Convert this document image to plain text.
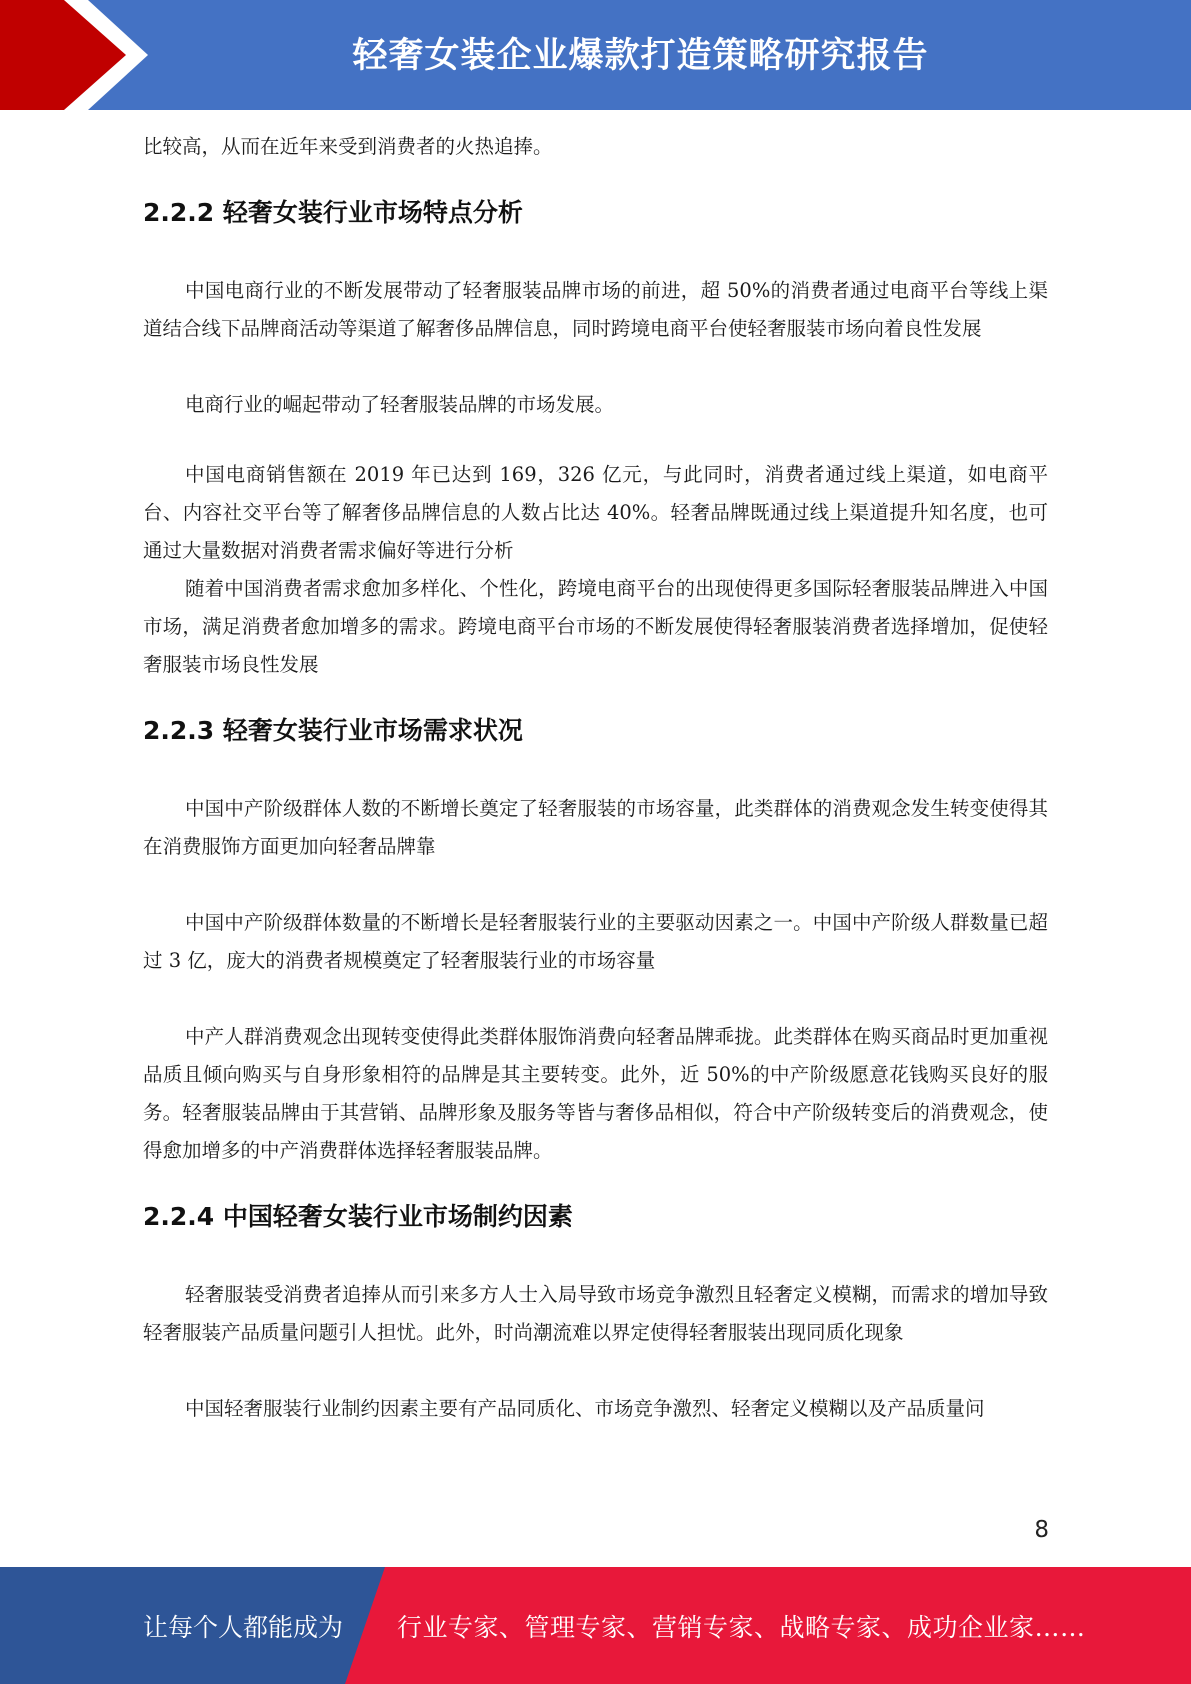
轻奢女装企业爆款打造策略研究报告

比较高，从而在近年来受到消费者的火热追捧。

2.2.2 轻奢女装行业市场特点分析

中国电商行业的不断发展带动了轻奢服装品牌市场的前进，超 50%的消费者通过电商平台等线上渠道结合线下品牌商活动等渠道了解奢侈品牌信息，同时跨境电商平台使轻奢服装市场向着良性发展

电商行业的崛起带动了轻奢服装品牌的市场发展。

中国电商销售额在 2019 年已达到 169，326 亿元，与此同时，消费者通过线上渠道，如电商平台、内容社交平台等了解奢侈品牌信息的人数占比达 40%。轻奢品牌既通过线上渠道提升知名度，也可通过大量数据对消费者需求偏好等进行分析

随着中国消费者需求愈加多样化、个性化，跨境电商平台的出现使得更多国际轻奢服装品牌进入中国市场，满足消费者愈加增多的需求。跨境电商平台市场的不断发展使得轻奢服装消费者选择增加，促使轻奢服装市场良性发展

2.2.3 轻奢女装行业市场需求状况

中国中产阶级群体人数的不断增长奠定了轻奢服装的市场容量，此类群体的消费观念发生转变使得其在消费服饰方面更加向轻奢品牌靠

中国中产阶级群体数量的不断增长是轻奢服装行业的主要驱动因素之一。中国中产阶级人群数量已超过 3 亿，庞大的消费者规模奠定了轻奢服装行业的市场容量

中产人群消费观念出现转变使得此类群体服饰消费向轻奢品牌乖拢。此类群体在购买商品时更加重视品质且倾向购买与自身形象相符的品牌是其主要转变。此外，近 50%的中产阶级愿意花钱购买良好的服务。轻奢服装品牌由于其营销、品牌形象及服务等皆与奢侈品相似，符合中产阶级转变后的消费观念，使得愈加增多的中产消费群体选择轻奢服装品牌。

2.2.4 中国轻奢女装行业市场制约因素

轻奢服装受消费者追捧从而引来多方人士入局导致市场竞争激烈且轻奢定义模糊，而需求的增加导致轻奢服装产品质量问题引人担忧。此外，时尚潮流难以界定使得轻奢服装出现同质化现象

中国轻奢服装行业制约因素主要有产品同质化、市场竞争激烈、轻奢定义模糊以及产品质量问

8
让每个人都能成为 行业专家、管理专家、营销专家、战略专家、成功企业家……
